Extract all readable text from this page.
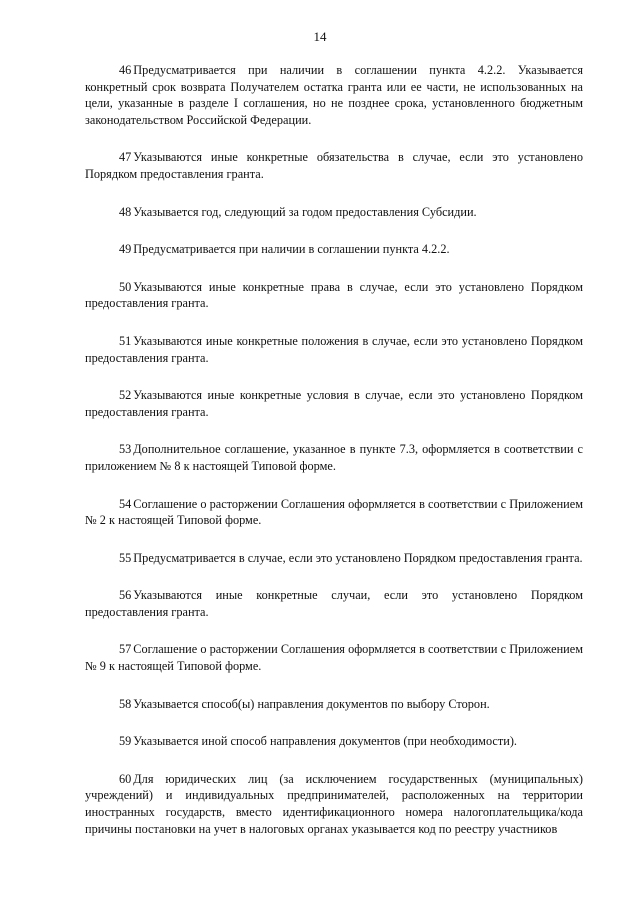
14

46 Предусматривается при наличии в соглашении пункта 4.2.2. Указывается конкретный срок возврата Получателем остатка гранта или ее части, не использованных на цели, указанные в разделе I соглашения, но не позднее срока, установленного бюджетным законодательством Российской Федерации.

47 Указываются иные конкретные обязательства в случае, если это установлено Порядком предоставления гранта.

48 Указывается год, следующий за годом предоставления Субсидии.

49 Предусматривается при наличии в соглашении пункта 4.2.2.

50 Указываются иные конкретные права в случае, если это установлено Порядком предоставления гранта.

51 Указываются иные конкретные положения в случае, если это установлено Порядком предоставления гранта.

52 Указываются иные конкретные условия в случае, если это установлено Порядком предоставления гранта.

53 Дополнительное соглашение, указанное в пункте 7.3, оформляется в соответствии с приложением № 8 к настоящей Типовой форме.

54 Соглашение о расторжении Соглашения оформляется в соответствии с Приложением № 2 к настоящей Типовой форме.

55 Предусматривается в случае, если это установлено Порядком предоставления гранта.

56 Указываются иные конкретные случаи, если это установлено Порядком предоставления гранта.

57 Соглашение о расторжении Соглашения оформляется в соответствии с Приложением № 9 к настоящей Типовой форме.

58 Указывается способ(ы) направления документов по выбору Сторон.

59 Указывается иной способ направления документов (при необходимости).

60 Для юридических лиц (за исключением государственных (муниципальных) учреждений) и индивидуальных предпринимателей, расположенных на территории иностранных государств, вместо идентификационного номера налогоплательщика/кода причины постановки на учет в налоговых органах указывается код по реестру участников
